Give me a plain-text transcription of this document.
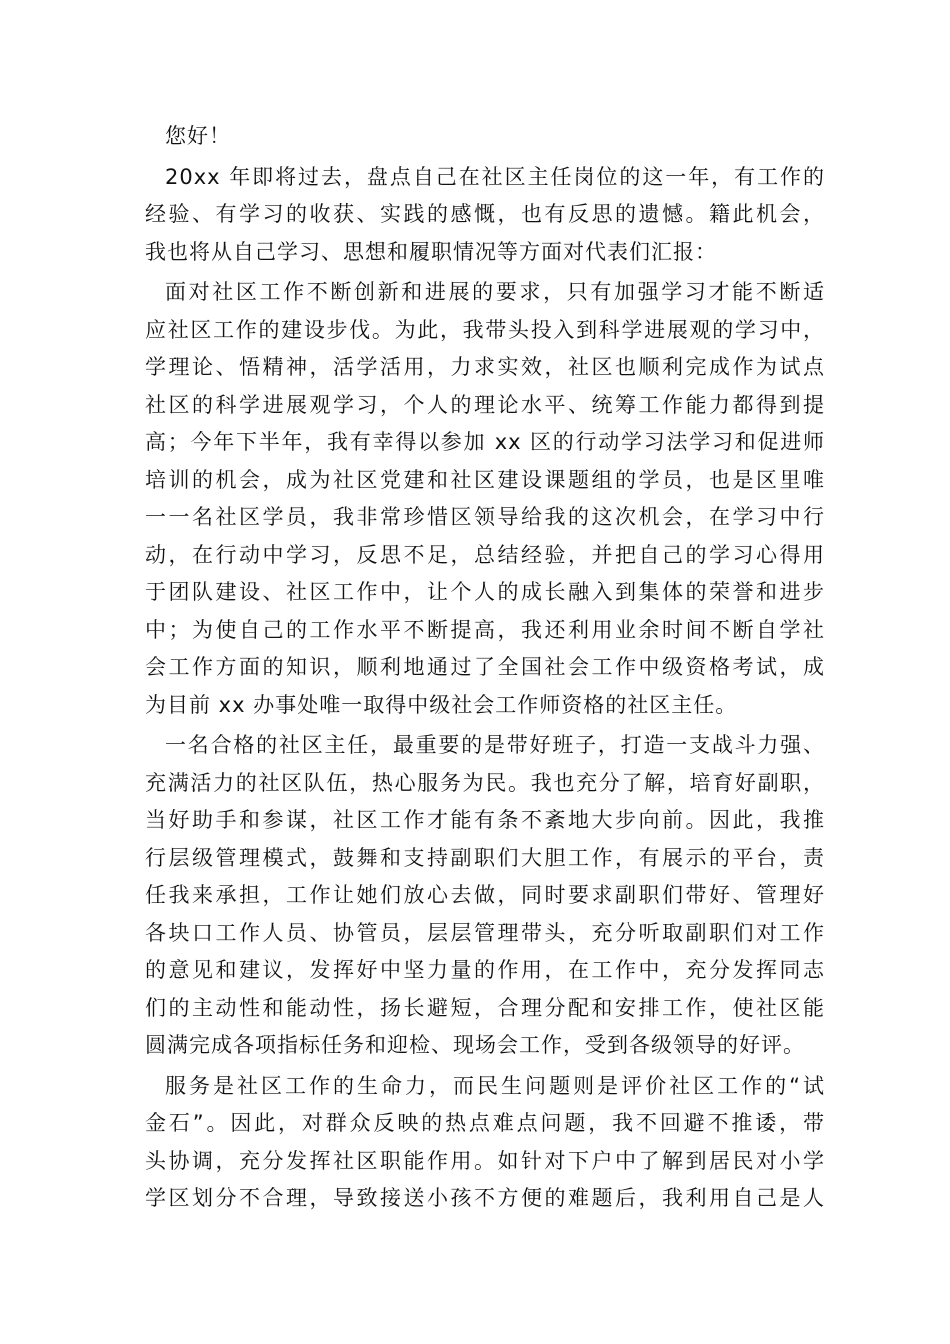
您好！
20xx 年即将过去，盘点自己在社区主任岗位的这一年，有工作的
经验、有学习的收获、实践的感慨，也有反思的遗憾。籍此机会，
我也将从自己学习、思想和履职情况等方面对代表们汇报：
面对社区工作不断创新和进展的要求，只有加强学习才能不断适
应社区工作的建设步伐。为此，我带头投入到科学进展观的学习中，
学理论、悟精神，活学活用，力求实效，社区也顺利完成作为试点
社区的科学进展观学习，个人的理论水平、统筹工作能力都得到提
高；今年下半年，我有幸得以参加 xx 区的行动学习法学习和促进师
培训的机会，成为社区党建和社区建设课题组的学员，也是区里唯
一一名社区学员，我非常珍惜区领导给我的这次机会，在学习中行
动，在行动中学习，反思不足，总结经验，并把自己的学习心得用
于团队建设、社区工作中，让个人的成长融入到集体的荣誉和进步
中；为使自己的工作水平不断提高，我还利用业余时间不断自学社
会工作方面的知识，顺利地通过了全国社会工作中级资格考试，成
为目前 xx 办事处唯一取得中级社会工作师资格的社区主任。
一名合格的社区主任，最重要的是带好班子，打造一支战斗力强、
充满活力的社区队伍，热心服务为民。我也充分了解，培育好副职，
当好助手和参谋，社区工作才能有条不紊地大步向前。因此，我推
行层级管理模式，鼓舞和支持副职们大胆工作，有展示的平台，责
任我来承担，工作让她们放心去做，同时要求副职们带好、管理好
各块口工作人员、协管员，层层管理带头，充分听取副职们对工作
的意见和建议，发挥好中坚力量的作用，在工作中，充分发挥同志
们的主动性和能动性，扬长避短，合理分配和安排工作，使社区能
圆满完成各项指标任务和迎检、现场会工作，受到各级领导的好评。
服务是社区工作的生命力，而民生问题则是评价社区工作的“试
金石”。因此，对群众反映的热点难点问题，我不回避不推诿，带
头协调，充分发挥社区职能作用。如针对下户中了解到居民对小学
学区划分不合理，导致接送小孩不方便的难题后，我利用自己是人
